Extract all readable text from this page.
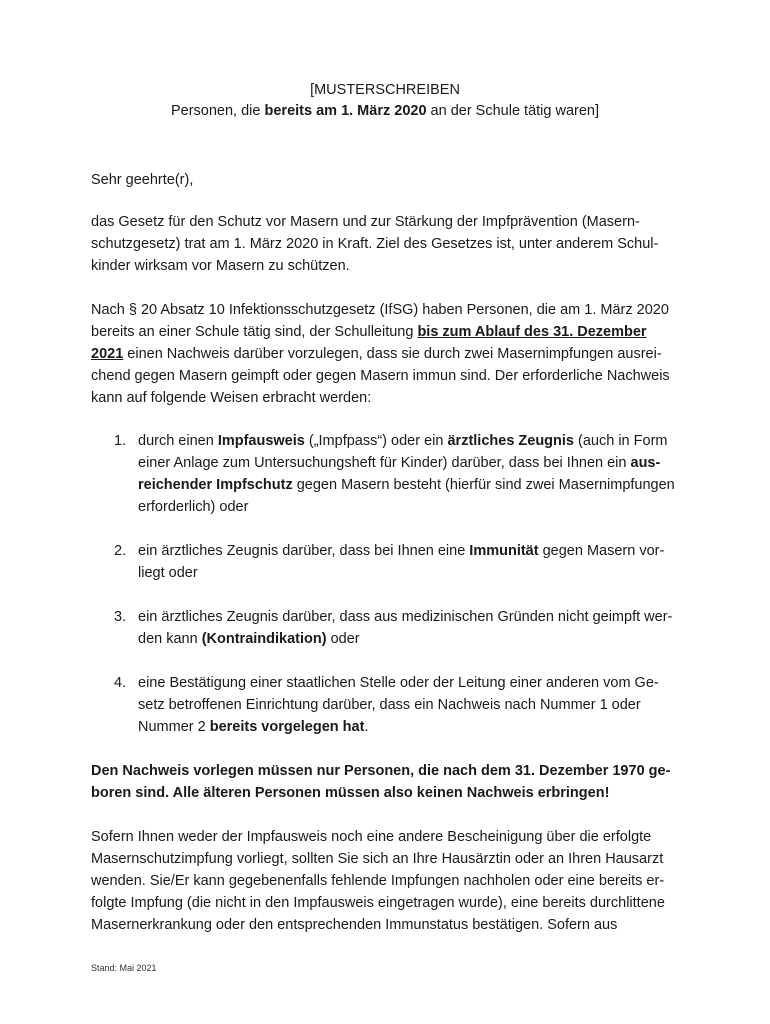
[MUSTERSCHREIBEN
Personen, die bereits am 1. März 2020 an der Schule tätig waren]
Sehr geehrte(r),
das Gesetz für den Schutz vor Masern und zur Stärkung der Impfprävention (Masern-
schutzgesetz) trat am 1. März 2020 in Kraft. Ziel des Gesetzes ist, unter anderem Schul-
kinder wirksam vor Masern zu schützen.
Nach § 20 Absatz 10 Infektionsschutzgesetz (IfSG) haben Personen, die am 1. März 2020
bereits an einer Schule tätig sind, der Schulleitung bis zum Ablauf des 31. Dezember
2021 einen Nachweis darüber vorzulegen, dass sie durch zwei Masernimpfungen ausrei-
chend gegen Masern geimpft oder gegen Masern immun sind. Der erforderliche Nachweis
kann auf folgende Weisen erbracht werden:
1. durch einen Impfausweis („Impfpass“) oder ein ärztliches Zeugnis (auch in Form
einer Anlage zum Untersuchungsheft für Kinder) darüber, dass bei Ihnen ein aus-
reichender Impfschutz gegen Masern besteht (hierfür sind zwei Masernimpfungen
erforderlich) oder
2. ein ärztliches Zeugnis darüber, dass bei Ihnen eine Immunität gegen Masern vor-
liegt oder
3. ein ärztliches Zeugnis darüber, dass aus medizinischen Gründen nicht geimpft wer-
den kann (Kontraindikation) oder
4. eine Bestätigung einer staatlichen Stelle oder der Leitung einer anderen vom Ge-
setz betroffenen Einrichtung darüber, dass ein Nachweis nach Nummer 1 oder
Nummer 2 bereits vorgelegen hat.
Den Nachweis vorlegen müssen nur Personen, die nach dem 31. Dezember 1970 ge-
boren sind. Alle älteren Personen müssen also keinen Nachweis erbringen!
Sofern Ihnen weder der Impfausweis noch eine andere Bescheinigung über die erfolgte
Masernschutzimpfung vorliegt, sollten Sie sich an Ihre Hausärztin oder an Ihren Hausarzt
wenden. Sie/Er kann gegebenenfalls fehlende Impfungen nachholen oder eine bereits er-
folgte Impfung (die nicht in den Impfausweis eingetragen wurde), eine bereits durchlittene
Masernerkrankung oder den entsprechenden Immunstatus bestätigen. Sofern aus
Stand: Mai 2021
